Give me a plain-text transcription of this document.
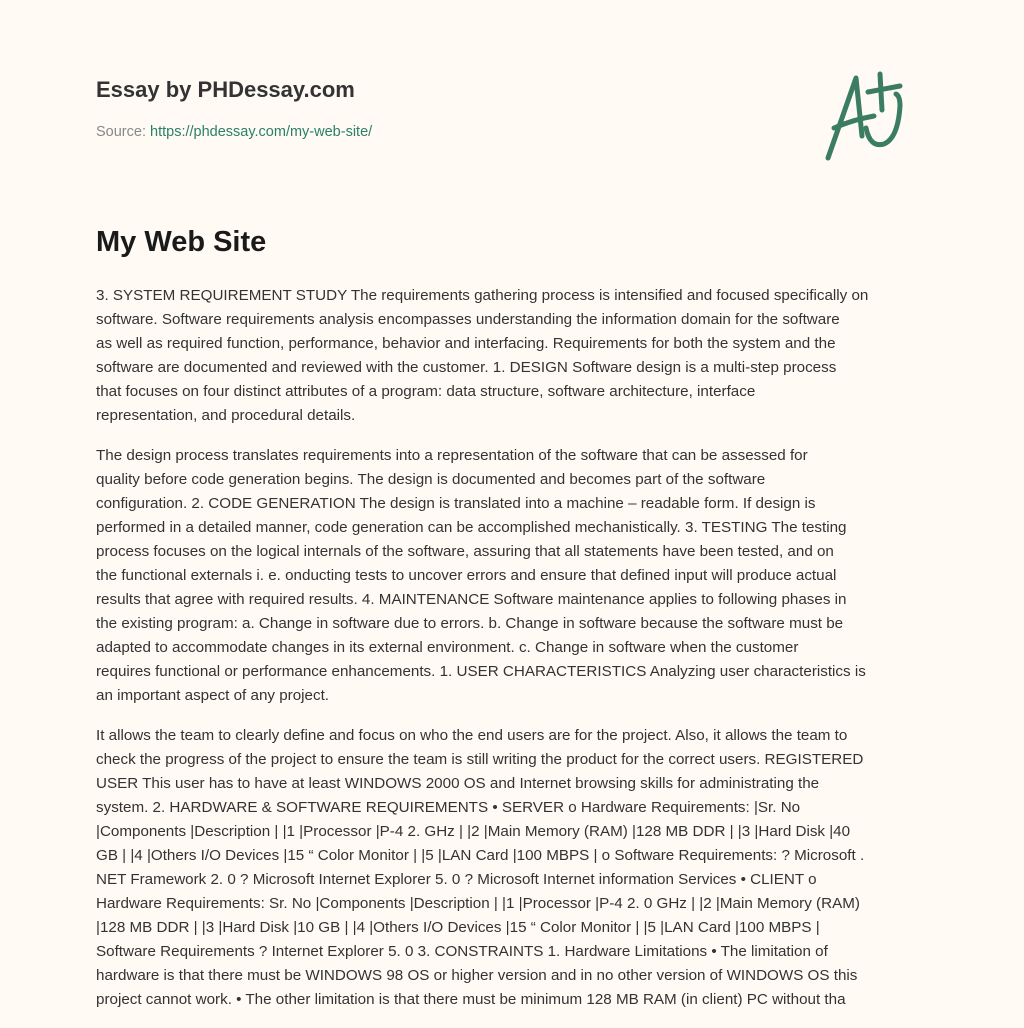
Essay by PHDessay.com
Source: https://phdessay.com/my-web-site/
My Web Site
3. SYSTEM REQUIREMENT STUDY The requirements gathering process is intensified and focused specifically on
software. Software requirements analysis encompasses understanding the information domain for the software
as well as required function, performance, behavior and interfacing. Requirements for both the system and the
software are documented and reviewed with the customer. 1. DESIGN Software design is a multi-step process
that focuses on four distinct attributes of a program: data structure, software architecture, interface
representation, and procedural details.
The design process translates requirements into a representation of the software that can be assessed for
quality before code generation begins. The design is documented and becomes part of the software
configuration. 2. CODE GENERATION The design is translated into a machine – readable form. If design is
performed in a detailed manner, code generation can be accomplished mechanistically. 3. TESTING The testing
process focuses on the logical internals of the software, assuring that all statements have been tested, and on
the functional externals i. e. onducting tests to uncover errors and ensure that defined input will produce actual
results that agree with required results. 4. MAINTENANCE Software maintenance applies to following phases in
the existing program: a. Change in software due to errors. b. Change in software because the software must be
adapted to accommodate changes in its external environment. c. Change in software when the customer
requires functional or performance enhancements. 1. USER CHARACTERISTICS Analyzing user characteristics is
an important aspect of any project.
It allows the team to clearly define and focus on who the end users are for the project. Also, it allows the team to
check the progress of the project to ensure the team is still writing the product for the correct users. REGISTERED
USER This user has to have at least WINDOWS 2000 OS and Internet browsing skills for administrating the
system. 2. HARDWARE & SOFTWARE REQUIREMENTS • SERVER o Hardware Requirements: |Sr. No
|Components |Description | |1 |Processor |P-4 2. GHz | |2 |Main Memory (RAM) |128 MB DDR | |3 |Hard Disk |40
GB | |4 |Others I/O Devices |15 “ Color Monitor | |5 |LAN Card |100 MBPS | o Software Requirements: ? Microsoft .
NET Framework 2. 0 ? Microsoft Internet Explorer 5. 0 ? Microsoft Internet information Services • CLIENT o
Hardware Requirements: Sr. No |Components |Description | |1 |Processor |P-4 2. 0 GHz | |2 |Main Memory (RAM)
|128 MB DDR | |3 |Hard Disk |10 GB | |4 |Others I/O Devices |15 “ Color Monitor | |5 |LAN Card |100 MBPS |
Software Requirements ? Internet Explorer 5. 0 3. CONSTRAINTS 1. Hardware Limitations • The limitation of
hardware is that there must be WINDOWS 98 OS or higher version and in no other version of WINDOWS OS this
project cannot work. • The other limitation is that there must be minimum 128 MB RAM (in client) PC without tha
